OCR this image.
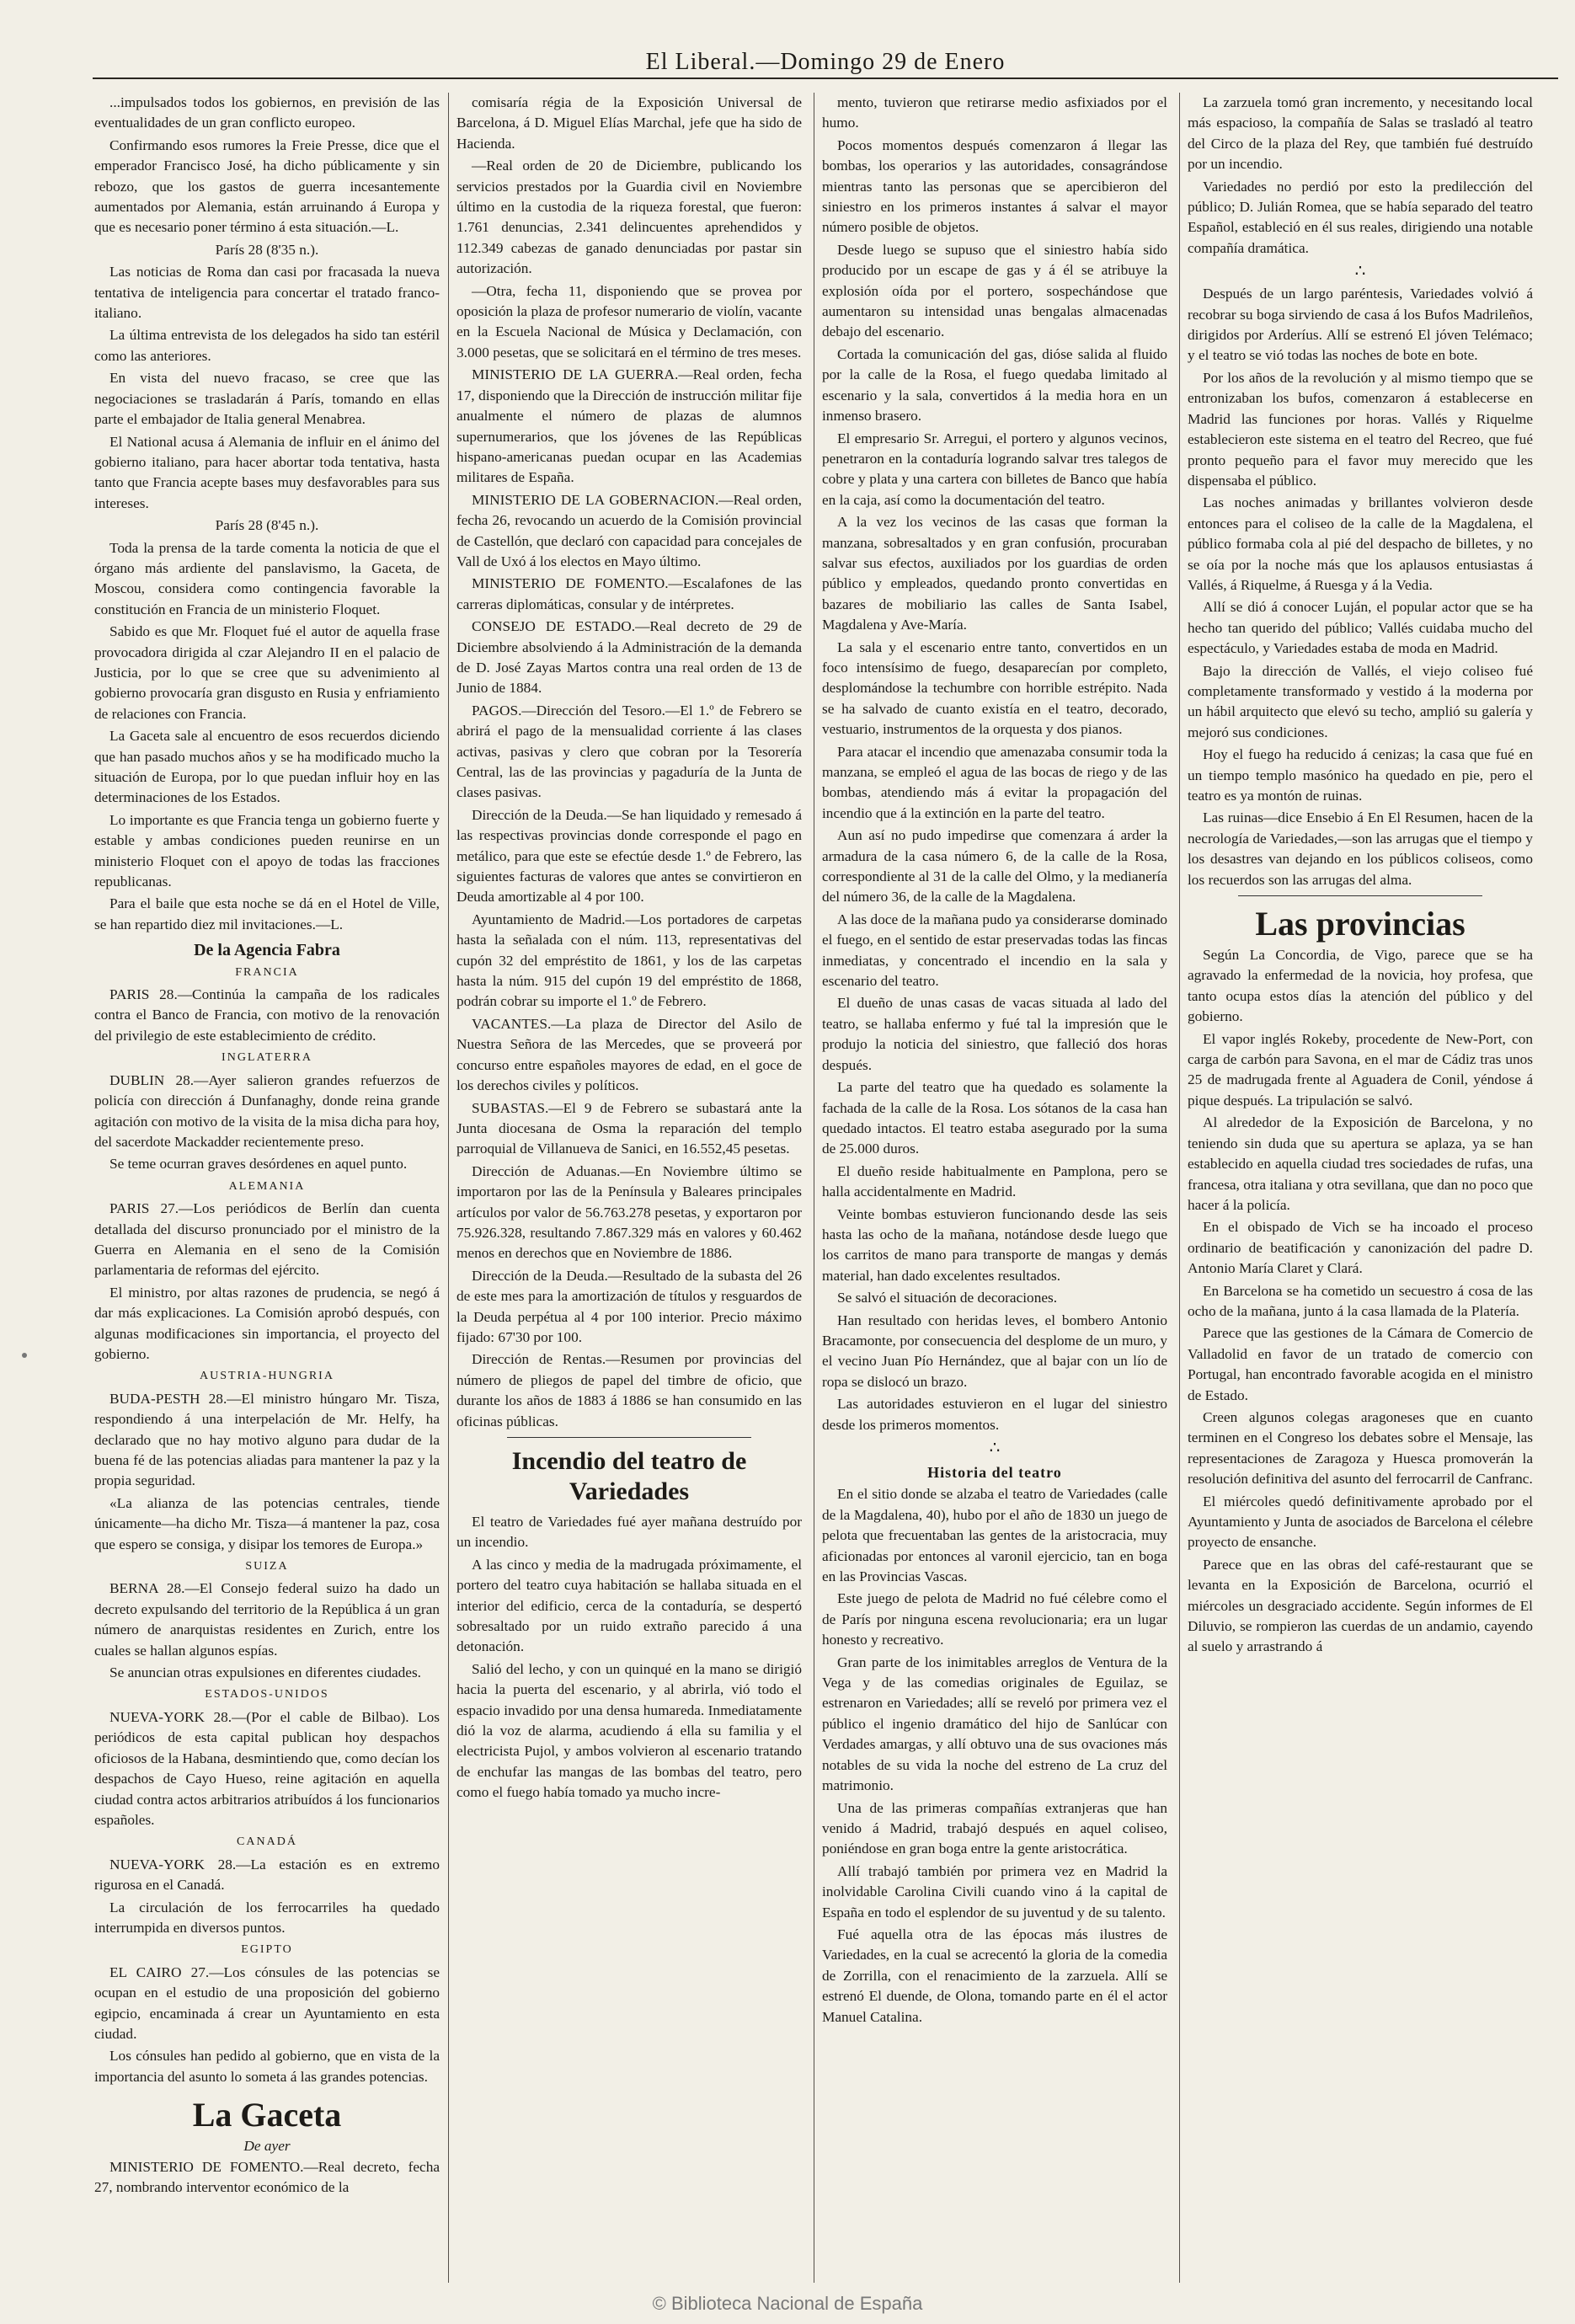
El Liberal.—Domingo 29 de Enero

...impulsados todos los gobiernos, en previsión de las eventualidades de un gran conflicto europeo.

Confirmando esos rumores la Freie Presse, dice que el emperador Francisco José, ha dicho públicamente y sin rebozo, que los gastos de guerra incesantemente aumentados por Alemania, están arruinando á Europa y que es necesario poner término á esta situación.—L.

París 28 (8'35 n.).

Las noticias de Roma dan casi por fracasada la nueva tentativa de inteligencia para concertar el tratado franco-italiano.

La última entrevista de los delegados ha sido tan estéril como las anteriores.

En vista del nuevo fracaso, se cree que las negociaciones se trasladarán á París, tomando en ellas parte el embajador de Italia general Menabrea.

El National acusa á Alemania de influir en el ánimo del gobierno italiano, para hacer abortar toda tentativa, hasta tanto que Francia acepte bases muy desfavorables para sus intereses.

París 28 (8'45 n.).

Toda la prensa de la tarde comenta la noticia de que el órgano más ardiente del panslavismo, la Gaceta, de Moscou, considera como contingencia favorable la constitución en Francia de un ministerio Floquet.

Sabido es que Mr. Floquet fué el autor de aquella frase provocadora dirigida al czar Alejandro II en el palacio de Justicia, por lo que se cree que su advenimiento al gobierno provocaría gran disgusto en Rusia y enfriamiento de relaciones con Francia.

La Gaceta sale al encuentro de esos recuerdos diciendo que han pasado muchos años y se ha modificado mucho la situación de Europa, por lo que puedan influir hoy en las determinaciones de los Estados.

Lo importante es que Francia tenga un gobierno fuerte y estable y ambas condiciones pueden reunirse en un ministerio Floquet con el apoyo de todas las fracciones republicanas.

Para el baile que esta noche se dá en el Hotel de Ville, se han repartido diez mil invitaciones.—L.

De la Agencia Fabra
FRANCIA

PARIS 28.—Continúa la campaña de los radicales contra el Banco de Francia, con motivo de la renovación del privilegio de este establecimiento de crédito.

INGLATERRA

DUBLIN 28.—Ayer salieron grandes refuerzos de policía con dirección á Dunfanaghy, donde reina grande agitación con motivo de la visita de la misa dicha para hoy, del sacerdote Mackadder recientemente preso.

Se teme ocurran graves desórdenes en aquel punto.

ALEMANIA

PARIS 27.—Los periódicos de Berlín dan cuenta detallada del discurso pronunciado por el ministro de la Guerra en Alemania en el seno de la Comisión parlamentaria de reformas del ejército.

El ministro, por altas razones de prudencia, se negó á dar más explicaciones. La Comisión aprobó después, con algunas modificaciones sin importancia, el proyecto del gobierno.

AUSTRIA-HUNGRIA

BUDA-PESTH 28.—El ministro húngaro Mr. Tisza, respondiendo á una interpelación de Mr. Helfy, ha declarado que no hay motivo alguno para dudar de la buena fé de las potencias aliadas para mantener la paz y la propia seguridad.

«La alianza de las potencias centrales, tiende únicamente—ha dicho Mr. Tisza—á mantener la paz, cosa que espero se consiga, y disipar los temores de Europa.»

SUIZA

BERNA 28.—El Consejo federal suizo ha dado un decreto expulsando del territorio de la República á un gran número de anarquistas residentes en Zurich, entre los cuales se hallan algunos espías.

Se anuncian otras expulsiones en diferentes ciudades.

ESTADOS-UNIDOS

NUEVA-YORK 28.—(Por el cable de Bilbao). Los periódicos de esta capital publican hoy despachos oficiosos de la Habana, desmintiendo que, como decían los despachos de Cayo Hueso, reine agitación en aquella ciudad contra actos arbitrarios atribuídos á los funcionarios españoles.

CANADÁ

NUEVA-YORK 28.—La estación es en extremo rigurosa en el Canadá.

La circulación de los ferrocarriles ha quedado interrumpida en diversos puntos.

EGIPTO

EL CAIRO 27.—Los cónsules de las potencias se ocupan en el estudio de una proposición del gobierno egipcio, encaminada á crear un Ayuntamiento en esta ciudad.

Los cónsules han pedido al gobierno, que en vista de la importancia del asunto lo someta á las grandes potencias.

La Gaceta
De ayer

MINISTERIO DE FOMENTO.—Real decreto, fecha 27, nombrando interventor económico de la

comisaría régia de la Exposición Universal de Barcelona, á D. Miguel Elías Marchal, jefe que ha sido de Hacienda.

—Real orden de 20 de Diciembre, publicando los servicios prestados por la Guardia civil en Noviembre último en la custodia de la riqueza forestal, que fueron: 1.761 denuncias, 2.341 delincuentes aprehendidos y 112.349 cabezas de ganado denunciadas por pastar sin autorización.

—Otra, fecha 11, disponiendo que se provea por oposición la plaza de profesor numerario de violín, vacante en la Escuela Nacional de Música y Declamación, con 3.000 pesetas, que se solicitará en el término de tres meses.

MINISTERIO DE LA GUERRA.—Real orden, fecha 17, disponiendo que la Dirección de instrucción militar fije anualmente el número de plazas de alumnos supernumerarios, que los jóvenes de las Repúblicas hispano-americanas puedan ocupar en las Academias militares de España.

MINISTERIO DE LA GOBERNACION.—Real orden, fecha 26, revocando un acuerdo de la Comisión provincial de Castellón, que declaró con capacidad para concejales de Vall de Uxó á los electos en Mayo último.

MINISTERIO DE FOMENTO.—Escalafones de las carreras diplomáticas, consular y de intérpretes.

CONSEJO DE ESTADO.—Real decreto de 29 de Diciembre absolviendo á la Administración de la demanda de D. José Zayas Martos contra una real orden de 13 de Junio de 1884.

PAGOS.—Dirección del Tesoro.—El 1.º de Febrero se abrirá el pago de la mensualidad corriente á las clases activas, pasivas y clero que cobran por la Tesorería Central, las de las provincias y pagaduría de la Junta de clases pasivas.

Dirección de la Deuda.—Se han liquidado y remesado á las respectivas provincias donde corresponde el pago en metálico, para que este se efectúe desde 1.º de Febrero, las siguientes facturas de valores que antes se convirtieron en Deuda amortizable al 4 por 100.

Ayuntamiento de Madrid.—Los portadores de carpetas hasta la señalada con el núm. 113, representativas del cupón 32 del empréstito de 1861, y los de las carpetas hasta la núm. 915 del cupón 19 del empréstito de 1868, podrán cobrar su importe el 1.º de Febrero.

VACANTES.—La plaza de Director del Asilo de Nuestra Señora de las Mercedes, que se proveerá por concurso entre españoles mayores de edad, en el goce de los derechos civiles y políticos.

SUBASTAS.—El 9 de Febrero se subastará ante la Junta diocesana de Osma la reparación del templo parroquial de Villanueva de Sanici, en 16.552,45 pesetas.

Dirección de Aduanas.—En Noviembre último se importaron por las de la Península y Baleares principales artículos por valor de 56.763.278 pesetas, y exportaron por 75.926.328, resultando 7.867.329 más en valores y 60.462 menos en derechos que en Noviembre de 1886.

Dirección de la Deuda.—Resultado de la subasta del 26 de este mes para la amortización de títulos y resguardos de la Deuda perpétua al 4 por 100 interior. Precio máximo fijado: 67'30 por 100.

Dirección de Rentas.—Resumen por provincias del número de pliegos de papel del timbre de oficio, que durante los años de 1883 á 1886 se han consumido en las oficinas públicas.

Incendio del teatro de Variedades

El teatro de Variedades fué ayer mañana destruído por un incendio.

A las cinco y media de la madrugada próximamente, el portero del teatro cuya habitación se hallaba situada en el interior del edificio, cerca de la contaduría, se despertó sobresaltado por un ruido extraño parecido á una detonación.

Salió del lecho, y con un quinqué en la mano se dirigió hacia la puerta del escenario, y al abrirla, vió todo el espacio invadido por una densa humareda. Inmediatamente dió la voz de alarma, acudiendo á ella su familia y el electricista Pujol, y ambos volvieron al escenario tratando de enchufar las mangas de las bombas del teatro, pero como el fuego había tomado ya mucho incre-

mento, tuvieron que retirarse medio asfixiados por el humo.

Pocos momentos después comenzaron á llegar las bombas, los operarios y las autoridades, consagrándose mientras tanto las personas que se apercibieron del siniestro en los primeros instantes á salvar el mayor número posible de objetos.

Desde luego se supuso que el siniestro había sido producido por un escape de gas y á él se atribuye la explosión oída por el portero, sospechándose que aumentaron su intensidad unas bengalas almacenadas debajo del escenario.

Cortada la comunicación del gas, dióse salida al fluido por la calle de la Rosa, el fuego quedaba limitado al escenario y la sala, convertidos á la media hora en un inmenso brasero.

El empresario Sr. Arregui, el portero y algunos vecinos, penetraron en la contaduría logrando salvar tres talegos de cobre y plata y una cartera con billetes de Banco que había en la caja, así como la documentación del teatro.

A la vez los vecinos de las casas que forman la manzana, sobresaltados y en gran confusión, procuraban salvar sus efectos, auxiliados por los guardias de orden público y empleados, quedando pronto convertidas en bazares de mobiliario las calles de Santa Isabel, Magdalena y Ave-María.

La sala y el escenario entre tanto, convertidos en un foco intensísimo de fuego, desaparecían por completo, desplomándose la techumbre con horrible estrépito. Nada se ha salvado de cuanto existía en el teatro, decorado, vestuario, instrumentos de la orquesta y dos pianos.

Para atacar el incendio que amenazaba consumir toda la manzana, se empleó el agua de las bocas de riego y de las bombas, atendiendo más á evitar la propagación del incendio que á la extinción en la parte del teatro.

Aun así no pudo impedirse que comenzara á arder la armadura de la casa número 6, de la calle de la Rosa, correspondiente al 31 de la calle del Olmo, y la medianería del número 36, de la calle de la Magdalena.

A las doce de la mañana pudo ya considerarse dominado el fuego, en el sentido de estar preservadas todas las fincas inmediatas, y concentrado el incendio en la sala y escenario del teatro.

El dueño de unas casas de vacas situada al lado del teatro, se hallaba enfermo y fué tal la impresión que le produjo la noticia del siniestro, que falleció dos horas después.

La parte del teatro que ha quedado es solamente la fachada de la calle de la Rosa. Los sótanos de la casa han quedado intactos. El teatro estaba asegurado por la suma de 25.000 duros.

El dueño reside habitualmente en Pamplona, pero se halla accidentalmente en Madrid.

Veinte bombas estuvieron funcionando desde las seis hasta las ocho de la mañana, notándose desde luego que los carritos de mano para transporte de mangas y demás material, han dado excelentes resultados.

Se salvó el situación de decoraciones.

Han resultado con heridas leves, el bombero Antonio Bracamonte, por consecuencia del desplome de un muro, y el vecino Juan Pío Hernández, que al bajar con un lío de ropa se dislocó un brazo.

Las autoridades estuvieron en el lugar del siniestro desde los primeros momentos.

∴
Historia del teatro

En el sitio donde se alzaba el teatro de Variedades (calle de la Magdalena, 40), hubo por el año de 1830 un juego de pelota que frecuentaban las gentes de la aristocracia, muy aficionadas por entonces al varonil ejercicio, tan en boga en las Provincias Vascas.

Este juego de pelota de Madrid no fué célebre como el de París por ninguna escena revolucionaria; era un lugar honesto y recreativo.

Gran parte de los inimitables arreglos de Ventura de la Vega y de las comedias originales de Eguilaz, se estrenaron en Variedades; allí se reveló por primera vez el público el ingenio dramático del hijo de Sanlúcar con Verdades amargas, y allí obtuvo una de sus ovaciones más notables de su vida la noche del estreno de La cruz del matrimonio.

Una de las primeras compañías extranjeras que han venido á Madrid, trabajó después en aquel coliseo, poniéndose en gran boga entre la gente aristocrática.

Allí trabajó también por primera vez en Madrid la inolvidable Carolina Civili cuando vino á la capital de España en todo el esplendor de su juventud y de su talento.

Fué aquella otra de las épocas más ilustres de Variedades, en la cual se acrecentó la gloria de la comedia de Zorrilla, con el renacimiento de la zarzuela. Allí se estrenó El duende, de Olona, tomando parte en él el actor Manuel Catalina.

La zarzuela tomó gran incremento, y necesitando local más espacioso, la compañía de Salas se trasladó al teatro del Circo de la plaza del Rey, que también fué destruído por un incendio.

Variedades no perdió por esto la predilección del público; D. Julián Romea, que se había separado del teatro Español, estableció en él sus reales, dirigiendo una notable compañía dramática.

∴

Después de un largo paréntesis, Variedades volvió á recobrar su boga sirviendo de casa á los Bufos Madrileños, dirigidos por Arderíus. Allí se estrenó El jóven Telémaco; y el teatro se vió todas las noches de bote en bote.

Por los años de la revolución y al mismo tiempo que se entronizaban los bufos, comenzaron á establecerse en Madrid las funciones por horas. Vallés y Riquelme establecieron este sistema en el teatro del Recreo, que fué pronto pequeño para el favor muy merecido que les dispensaba el público.

Las noches animadas y brillantes volvieron desde entonces para el coliseo de la calle de la Magdalena, el público formaba cola al pié del despacho de billetes, y no se oía por la noche más que los aplausos entusiastas á Vallés, á Riquelme, á Ruesga y á la Vedia.

Allí se dió á conocer Luján, el popular actor que se ha hecho tan querido del público; Vallés cuidaba mucho del espectáculo, y Variedades estaba de moda en Madrid.

Bajo la dirección de Vallés, el viejo coliseo fué completamente transformado y vestido á la moderna por un hábil arquitecto que elevó su techo, amplió su galería y mejoró sus condiciones.

Hoy el fuego ha reducido á cenizas; la casa que fué en un tiempo templo masónico ha quedado en pie, pero el teatro es ya montón de ruinas.

Las ruinas—dice Ensebio á En El Resumen, hacen de la necrología de Variedades,—son las arrugas que el tiempo y los desastres van dejando en los públicos coliseos, como los recuerdos son las arrugas del alma.

Las provincias

Según La Concordia, de Vigo, parece que se ha agravado la enfermedad de la novicia, hoy profesa, que tanto ocupa estos días la atención del público y del gobierno.

El vapor inglés Rokeby, procedente de New-Port, con carga de carbón para Savona, en el mar de Cádiz tras unos 25 de madrugada frente al Aguadera de Conil, yéndose á pique después. La tripulación se salvó.

Al alrededor de la Exposición de Barcelona, y no teniendo sin duda que su apertura se aplaza, ya se han establecido en aquella ciudad tres sociedades de rufas, una francesa, otra italiana y otra sevillana, que dan no poco que hacer á la policía.

En el obispado de Vich se ha incoado el proceso ordinario de beatificación y canonización del padre D. Antonio María Claret y Clará.

En Barcelona se ha cometido un secuestro á cosa de las ocho de la mañana, junto á la casa llamada de la Platería.

Parece que las gestiones de la Cámara de Comercio de Valladolid en favor de un tratado de comercio con Portugal, han encontrado favorable acogida en el ministro de Estado.

Creen algunos colegas aragoneses que en cuanto terminen en el Congreso los debates sobre el Mensaje, las representaciones de Zaragoza y Huesca promoverán la resolución definitiva del asunto del ferrocarril de Canfranc.

El miércoles quedó definitivamente aprobado por el Ayuntamiento y Junta de asociados de Barcelona el célebre proyecto de ensanche.

Parece que en las obras del café-restaurant que se levanta en la Exposición de Barcelona, ocurrió el miércoles un desgraciado accidente. Según informes de El Diluvio, se rompieron las cuerdas de un andamio, cayendo al suelo y arrastrando á

© Biblioteca Nacional de España
